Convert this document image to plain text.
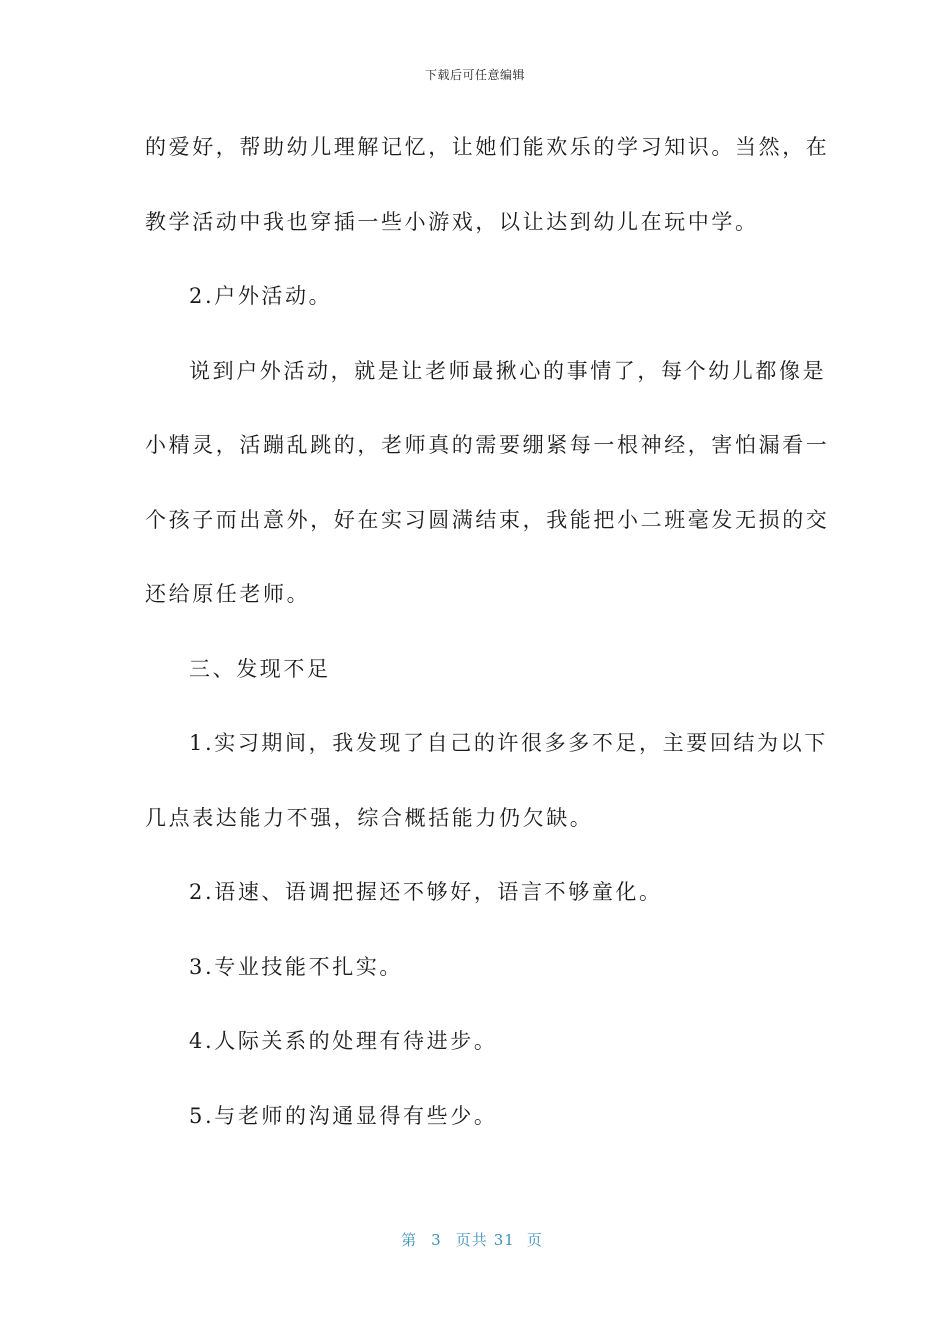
下载后可任意编辑
的爱好，帮助幼儿理解记忆，让她们能欢乐的学习知识。当然，在
教学活动中我也穿插一些小游戏，以让达到幼儿在玩中学。
2.户外活动。
说到户外活动，就是让老师最揪心的事情了，每个幼儿都像是
小精灵，活蹦乱跳的，老师真的需要绷紧每一根神经，害怕漏看一
个孩子而出意外，好在实习圆满结束，我能把小二班毫发无损的交
还给原任老师。
三、发现不足
1.实习期间，我发现了自己的许很多多不足，主要回结为以下
几点表达能力不强，综合概括能力仍欠缺。
2.语速、语调把握还不够好，语言不够童化。
3.专业技能不扎实。
4.人际关系的处理有待进步。
5.与老师的沟通显得有些少。
第 3 页共 31 页
